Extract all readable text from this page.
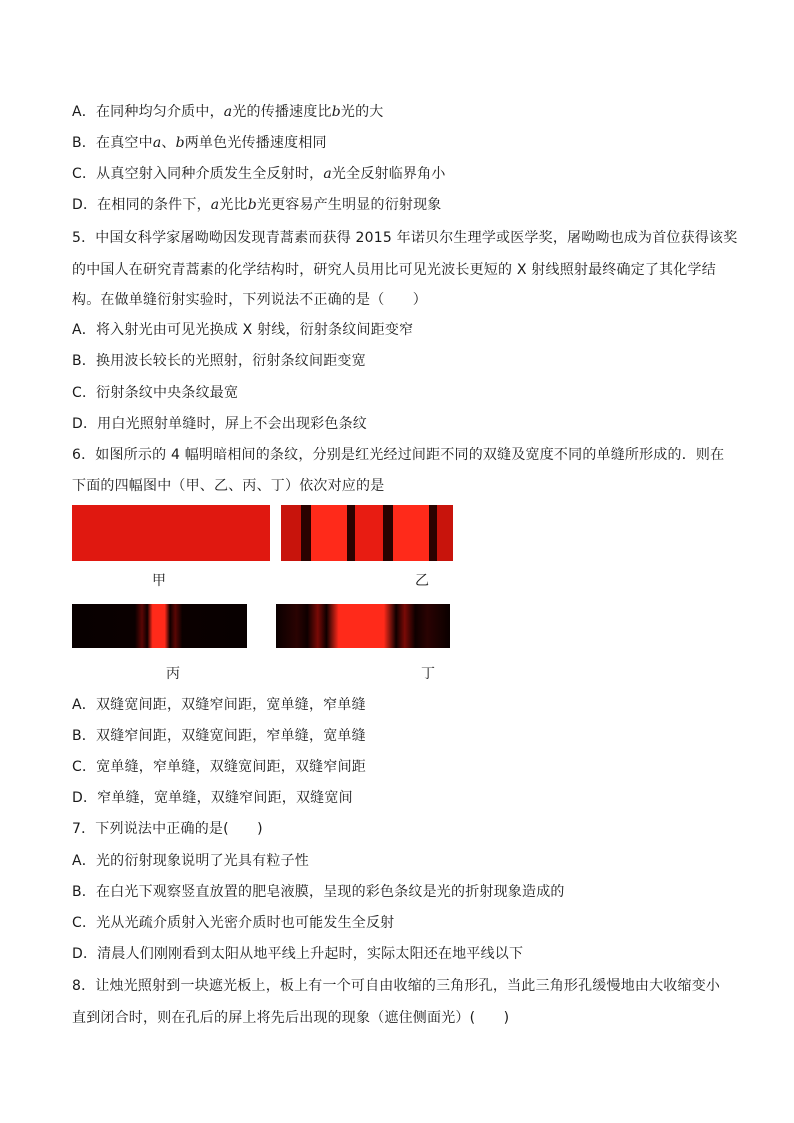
A．在同种均匀介质中，a光的传播速度比b光的大
B．在真空中a、b两单色光传播速度相同
C．从真空射入同种介质发生全反射时，a光全反射临界角小
D．在相同的条件下，a光比b光更容易产生明显的衍射现象
5．中国女科学家屠呦呦因发现青蒿素而获得 2015 年诺贝尔生理学或医学奖，屠呦呦也成为首位获得该奖
的中国人在研究青蒿素的化学结构时，研究人员用比可见光波长更短的 X 射线照射最终确定了其化学结
构。在做单缝衍射实验时，下列说法不正确的是（　　）
A．将入射光由可见光换成 X 射线，衍射条纹间距变窄
B．换用波长较长的光照射，衍射条纹间距变宽
C．衍射条纹中央条纹最宽
D．用白光照射单缝时，屏上不会出现彩色条纹
6．如图所示的 4 幅明暗相间的条纹，分别是红光经过间距不同的双缝及宽度不同的单缝所形成的．则在
下面的四幅图中（甲、乙、丙、丁）依次对应的是
甲	乙
丙	丁
A．双缝宽间距，双缝窄间距，宽单缝，窄单缝
B．双缝窄间距，双缝宽间距，窄单缝，宽单缝
C．宽单缝，窄单缝，双缝宽间距，双缝窄间距
D．窄单缝，宽单缝，双缝窄间距，双缝宽间
7．下列说法中正确的是(　　)
A．光的衍射现象说明了光具有粒子性
B．在白光下观察竖直放置的肥皂液膜，呈现的彩色条纹是光的折射现象造成的
C．光从光疏介质射入光密介质时也可能发生全反射
D．清晨人们刚刚看到太阳从地平线上升起时，实际太阳还在地平线以下
8．让烛光照射到一块遮光板上，板上有一个可自由收缩的三角形孔，当此三角形孔缓慢地由大收缩变小
直到闭合时，则在孔后的屏上将先后出现的现象（遮住侧面光）(　　)
